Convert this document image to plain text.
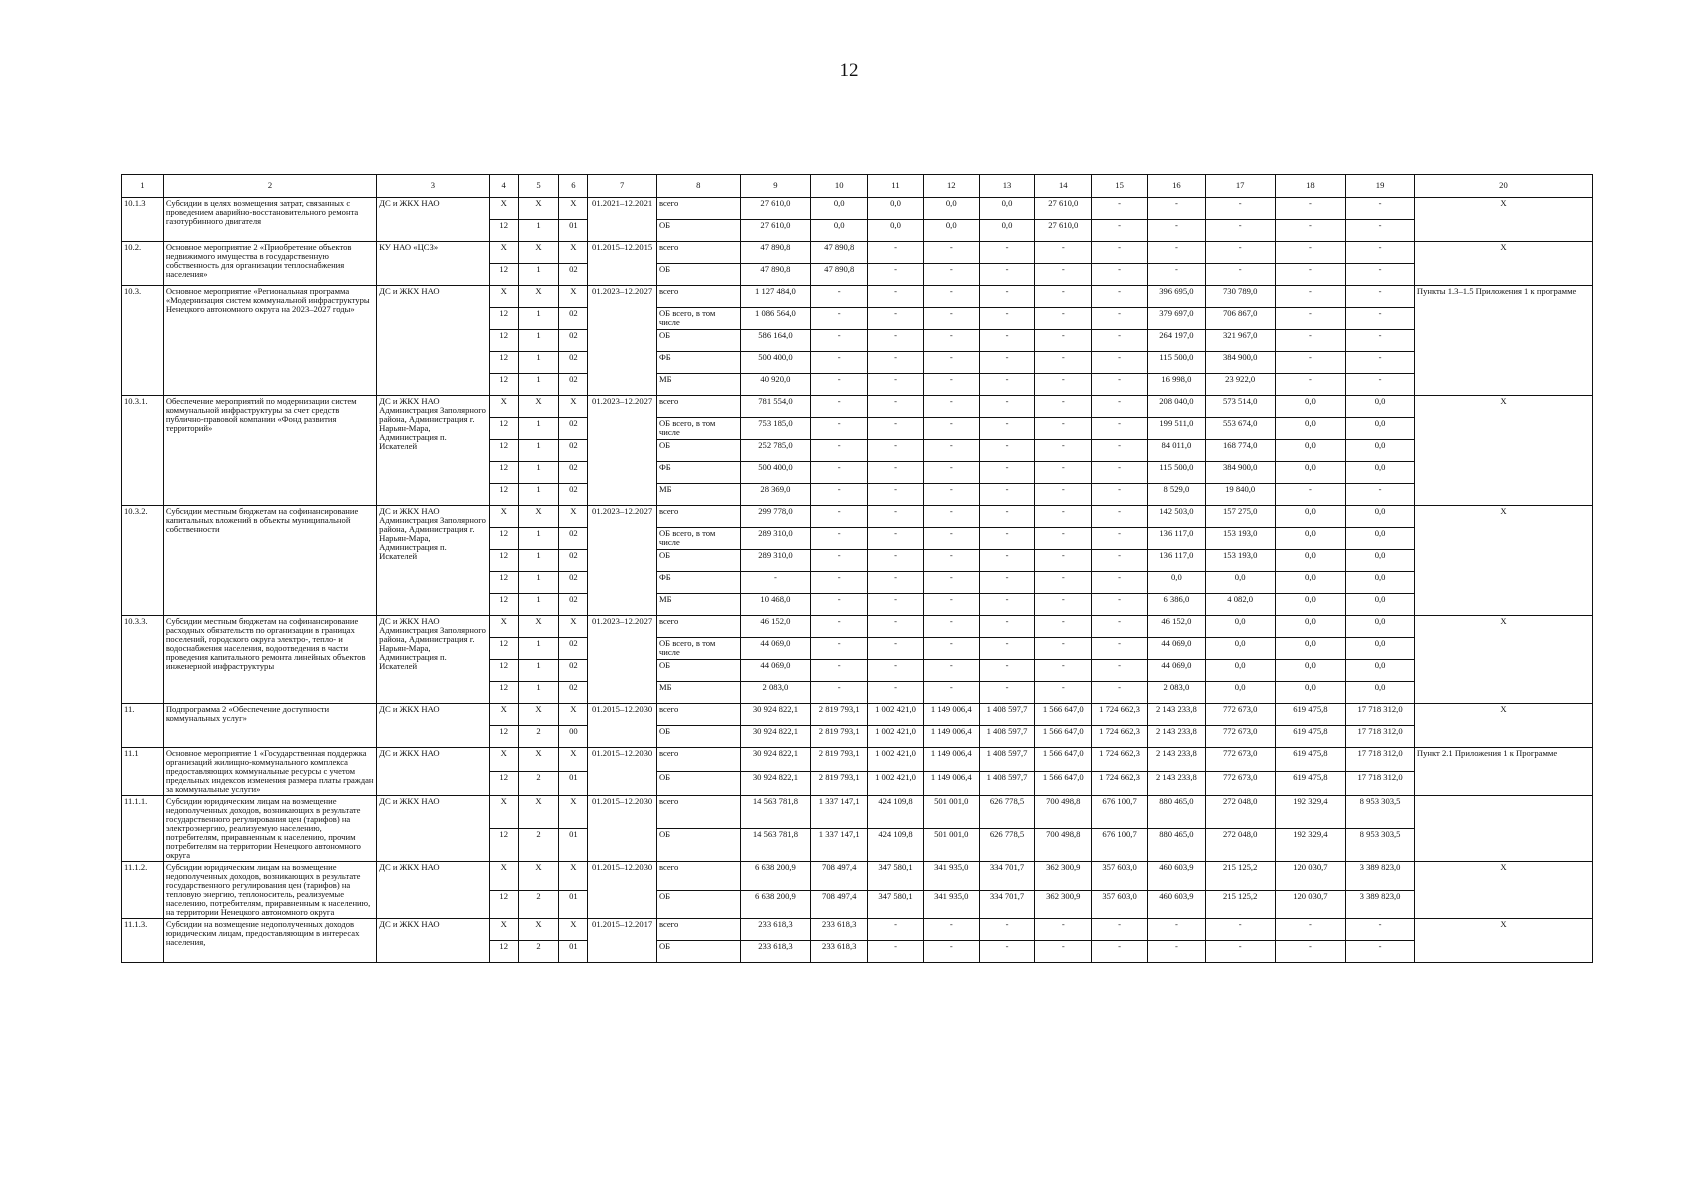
12
1	2	3	4	5	6	7	8	9	10	11	12	13	14	15	16	17	18	19	20
10.1.3	Субсидии в целях возмещения затрат, связанных с проведением аварийно-восстановительного ремонта газотурбинного двигателя	ДС и ЖКХ НАО	X	X	X	01.2021–12.2021	всего	27 610,0	0,0	0,0	0,0	0,0	27 610,0	-	-	-	-	-	X
			12	1	01		ОБ	27 610,0	0,0	0,0	0,0	0,0	27 610,0	-	-	-	-	-	
10.2.	Основное мероприятие 2 «Приобретение объектов недвижимого имущества в государственную собственность для организации теплоснабжения населения»	КУ НАО «ЦСЗ»	X	X	X	01.2015–12.2015	всего	47 890,8	47 890,8	-	-	-	-	-	-	-	-	-	X
			12	1	02		ОБ	47 890,8	47 890,8	-	-	-	-	-	-	-	-	-	
10.3.	Основное мероприятие «Региональная программа «Модернизация систем коммунальной инфраструктуры Ненецкого автономного округа на 2023–2027 годы»	ДС и ЖКХ НАО	X	X	X	01.2023–12.2027	всего	1 127 484,0	-	-	-	-	-	-	396 695,0	730 789,0	-	-	Пункты 1.3–1.5 Приложения 1 к программе
			12	1	02		ОБ всего, в том числе	1 086 564,0	-	-	-	-	-	-	379 697,0	706 867,0	-	-	
			12	1	02		ОБ	586 164,0	-	-	-	-	-	-	264 197,0	321 967,0	-	-	
			12	1	02		ФБ	500 400,0	-	-	-	-	-	-	115 500,0	384 900,0	-	-	
			12	1	02		МБ	40 920,0	-	-	-	-	-	-	16 998,0	23 922,0	-	-	
10.3.1.	Обеспечение мероприятий по модернизации систем коммунальной инфраструктуры за счет средств публично-правовой компании «Фонд развития территорий»	ДС и ЖКХ НАО Администрация Заполярного района, Администрация г. Нарьян-Мара, Администрация п. Искателей	X	X	X	01.2023–12.2027	всего	781 554,0	-	-	-	-	-	-	208 040,0	573 514,0	0,0	0,0	X
			12	1	02		ОБ всего, в том числе	753 185,0	-	-	-	-	-	-	199 511,0	553 674,0	0,0	0,0	
			12	1	02		ОБ	252 785,0	-	-	-	-	-	-	84 011,0	168 774,0	0,0	0,0	
			12	1	02		ФБ	500 400,0	-	-	-	-	-	-	115 500,0	384 900,0	0,0	0,0	
			12	1	02		МБ	28 369,0	-	-	-	-	-	-	8 529,0	19 840,0	-	-	
10.3.2.	Субсидии местным бюджетам на софинансирование капитальных вложений в объекты муниципальной собственности	ДС и ЖКХ НАО Администрация Заполярного района, Администрация г. Нарьян-Мара, Администрация п. Искателей	X	X	X	01.2023–12.2027	всего	299 778,0	-	-	-	-	-	-	142 503,0	157 275,0	0,0	0,0	X
			12	1	02		ОБ всего, в том числе	289 310,0	-	-	-	-	-	-	136 117,0	153 193,0	0,0	0,0	
			12	1	02		ОБ	289 310,0	-	-	-	-	-	-	136 117,0	153 193,0	0,0	0,0	
			12	1	02		ФБ	-	-	-	-	-	-	-	0,0	0,0	0,0	0,0	
			12	1	02		МБ	10 468,0	-	-	-	-	-	-	6 386,0	4 082,0	0,0	0,0	
10.3.3.	Субсидии местным бюджетам на софинансирование расходных обязательств по организации в границах поселений, городского округа электро-, тепло- и водоснабжения населения, водоотведения в части проведения капитального ремонта линейных объектов инженерной инфраструктуры	ДС и ЖКХ НАО Администрация Заполярного района, Администрация г. Нарьян-Мара, Администрация п. Искателей	X	X	X	01.2023–12.2027	всего	46 152,0	-	-	-	-	-	-	46 152,0	0,0	0,0	0,0	X
			12	1	02		ОБ всего, в том числе	44 069,0	-	-	-	-	-	-	44 069,0	0,0	0,0	0,0	
			12	1	02		ОБ	44 069,0	-	-	-	-	-	-	44 069,0	0,0	0,0	0,0	
			12	1	02		МБ	2 083,0	-	-	-	-	-	-	2 083,0	0,0	0,0	0,0	
11.	Подпрограмма 2 «Обеспечение доступности коммунальных услуг»	ДС и ЖКХ НАО	X	X	X	01.2015–12.2030	всего	30 924 822,1	2 819 793,1	1 002 421,0	1 149 006,4	1 408 597,7	1 566 647,0	1 724 662,3	2 143 233,8	772 673,0	619 475,8	17 718 312,0	X
			12	2	00		ОБ	30 924 822,1	2 819 793,1	1 002 421,0	1 149 006,4	1 408 597,7	1 566 647,0	1 724 662,3	2 143 233,8	772 673,0	619 475,8	17 718 312,0	
11.1	Основное мероприятие 1 «Государственная поддержка организаций жилищно-коммунального комплекса предоставляющих коммунальные ресурсы с учетом предельных индексов изменения размера платы граждан за коммунальные услуги»	ДС и ЖКХ НАО	X	X	X	01.2015–12.2030	всего	30 924 822,1	2 819 793,1	1 002 421,0	1 149 006,4	1 408 597,7	1 566 647,0	1 724 662,3	2 143 233,8	772 673,0	619 475,8	17 718 312,0	Пункт 2.1 Приложения 1 к Программе
			12	2	01		ОБ	30 924 822,1	2 819 793,1	1 002 421,0	1 149 006,4	1 408 597,7	1 566 647,0	1 724 662,3	2 143 233,8	772 673,0	619 475,8	17 718 312,0	
11.1.1.	Субсидии юридическим лицам на возмещение недополученных доходов, возникающих в результате государственного регулирования цен (тарифов) на электроэнергию, реализуемую населению, потребителям, приравненным к населению, прочим потребителям на территории Ненецкого автономного округа	ДС и ЖКХ НАО	X	X	X	01.2015–12.2030	всего	14 563 781,8	1 337 147,1	424 109,8	501 001,0	626 778,5	700 498,8	676 100,7	880 465,0	272 048,0	192 329,4	8 953 303,5	
			12	2	01		ОБ	14 563 781,8	1 337 147,1	424 109,8	501 001,0	626 778,5	700 498,8	676 100,7	880 465,0	272 048,0	192 329,4	8 953 303,5	
11.1.2.	Субсидии юридическим лицам на возмещение недополученных доходов, возникающих в результате государственного регулирования цен (тарифов) на тепловую энергию, теплоноситель, реализуемые населению, потребителям, приравненным к населению, на территории Ненецкого автономного округа	ДС и ЖКХ НАО	X	X	X	01.2015–12.2030	всего	6 638 200,9	708 497,4	347 580,1	341 935,0	334 701,7	362 300,9	357 603,0	460 603,9	215 125,2	120 030,7	3 389 823,0	X
			12	2	01		ОБ	6 638 200,9	708 497,4	347 580,1	341 935,0	334 701,7	362 300,9	357 603,0	460 603,9	215 125,2	120 030,7	3 389 823,0	
11.1.3.	Субсидии на возмещение недополученных доходов юридическим лицам, предоставляющим в интересах населения,	ДС и ЖКХ НАО	X	X	X	01.2015–12.2017	всего	233 618,3	233 618,3	-	-	-	-	-	-	-	-	-	X
			12	2	01		ОБ	233 618,3	233 618,3	-	-	-	-	-	-	-	-	-	
